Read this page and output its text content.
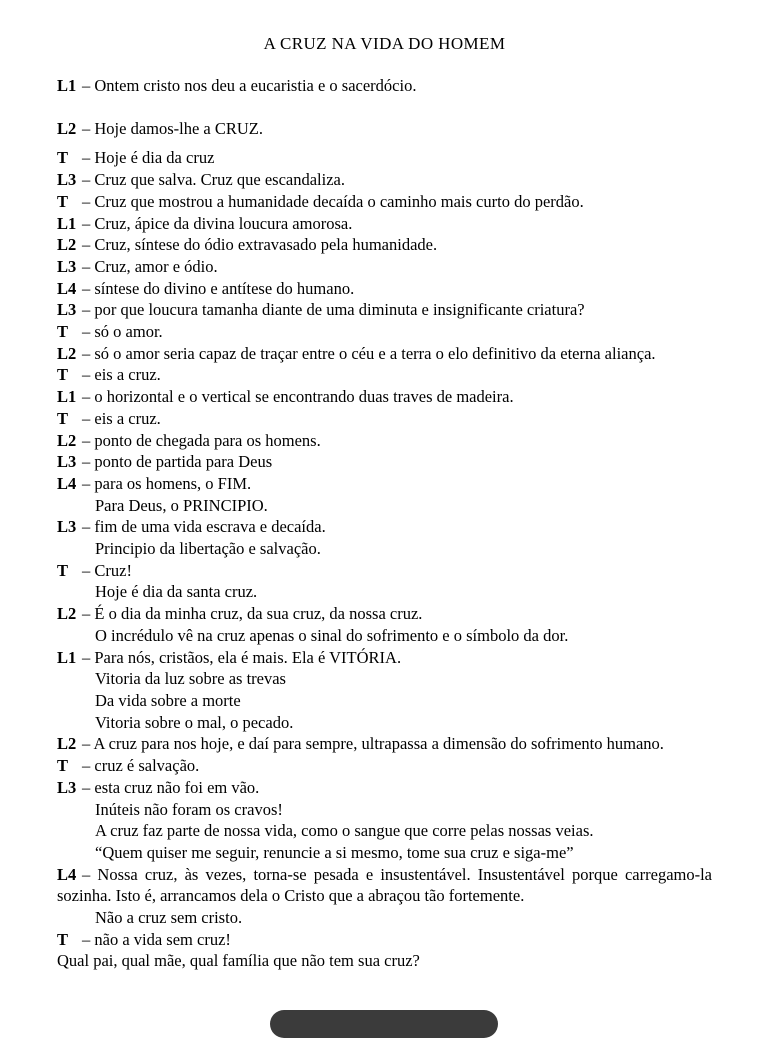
A CRUZ NA VIDA DO HOMEM

L1 – Ontem cristo nos deu a eucaristia e o sacerdócio.

L2 – Hoje damos-lhe a CRUZ.

T – Hoje é dia da cruz

L3 – Cruz que salva. Cruz que escandaliza.

T – Cruz que mostrou a humanidade decaída o caminho mais curto do perdão.

L1 – Cruz, ápice da divina loucura amorosa.

L2 – Cruz, síntese do ódio extravasado pela humanidade.

L3 – Cruz, amor e ódio.

L4 – síntese do divino e antítese do humano.

L3 – por que loucura tamanha diante de uma diminuta e insignificante criatura?

T – só o amor.

L2 – só o amor seria capaz de traçar entre o céu e a terra o elo definitivo da eterna aliança.

T – eis a cruz.

L1 – o horizontal e o vertical se encontrando duas traves de madeira.

T – eis a cruz.

L2 – ponto de chegada para os homens.

L3 – ponto de partida para Deus

L4 – para os homens, o FIM.

Para Deus, o PRINCIPIO.

L3 – fim de uma vida escrava e decaída.

Principio da libertação e salvação.

T – Cruz!

Hoje é dia da santa cruz.

L2 – É o dia da minha cruz, da sua cruz, da nossa cruz.

O incrédulo vê na cruz apenas o sinal do sofrimento e o símbolo da dor.

L1 – Para nós, cristãos, ela é mais. Ela é VITÓRIA.

Vitoria da luz sobre as trevas

Da vida sobre a morte

Vitoria sobre o mal, o pecado.

L2 – A cruz para nos hoje, e daí para sempre, ultrapassa a dimensão do sofrimento humano.

T – cruz é salvação.

L3 – esta cruz não foi em vão.

Inúteis não foram os cravos!

A cruz faz parte de nossa vida, como o sangue que corre pelas nossas veias.

“Quem quiser me seguir, renuncie a si mesmo, tome sua cruz e siga-me”

L4 – Nossa cruz, às vezes, torna-se pesada e insustentável. Insustentável porque carregamo-la sozinha. Isto é, arrancamos dela o Cristo que a abraçou tão fortemente.

Não a cruz sem cristo.

T – não a vida sem cruz!

Qual pai, qual mãe, qual família que não tem sua cruz?
